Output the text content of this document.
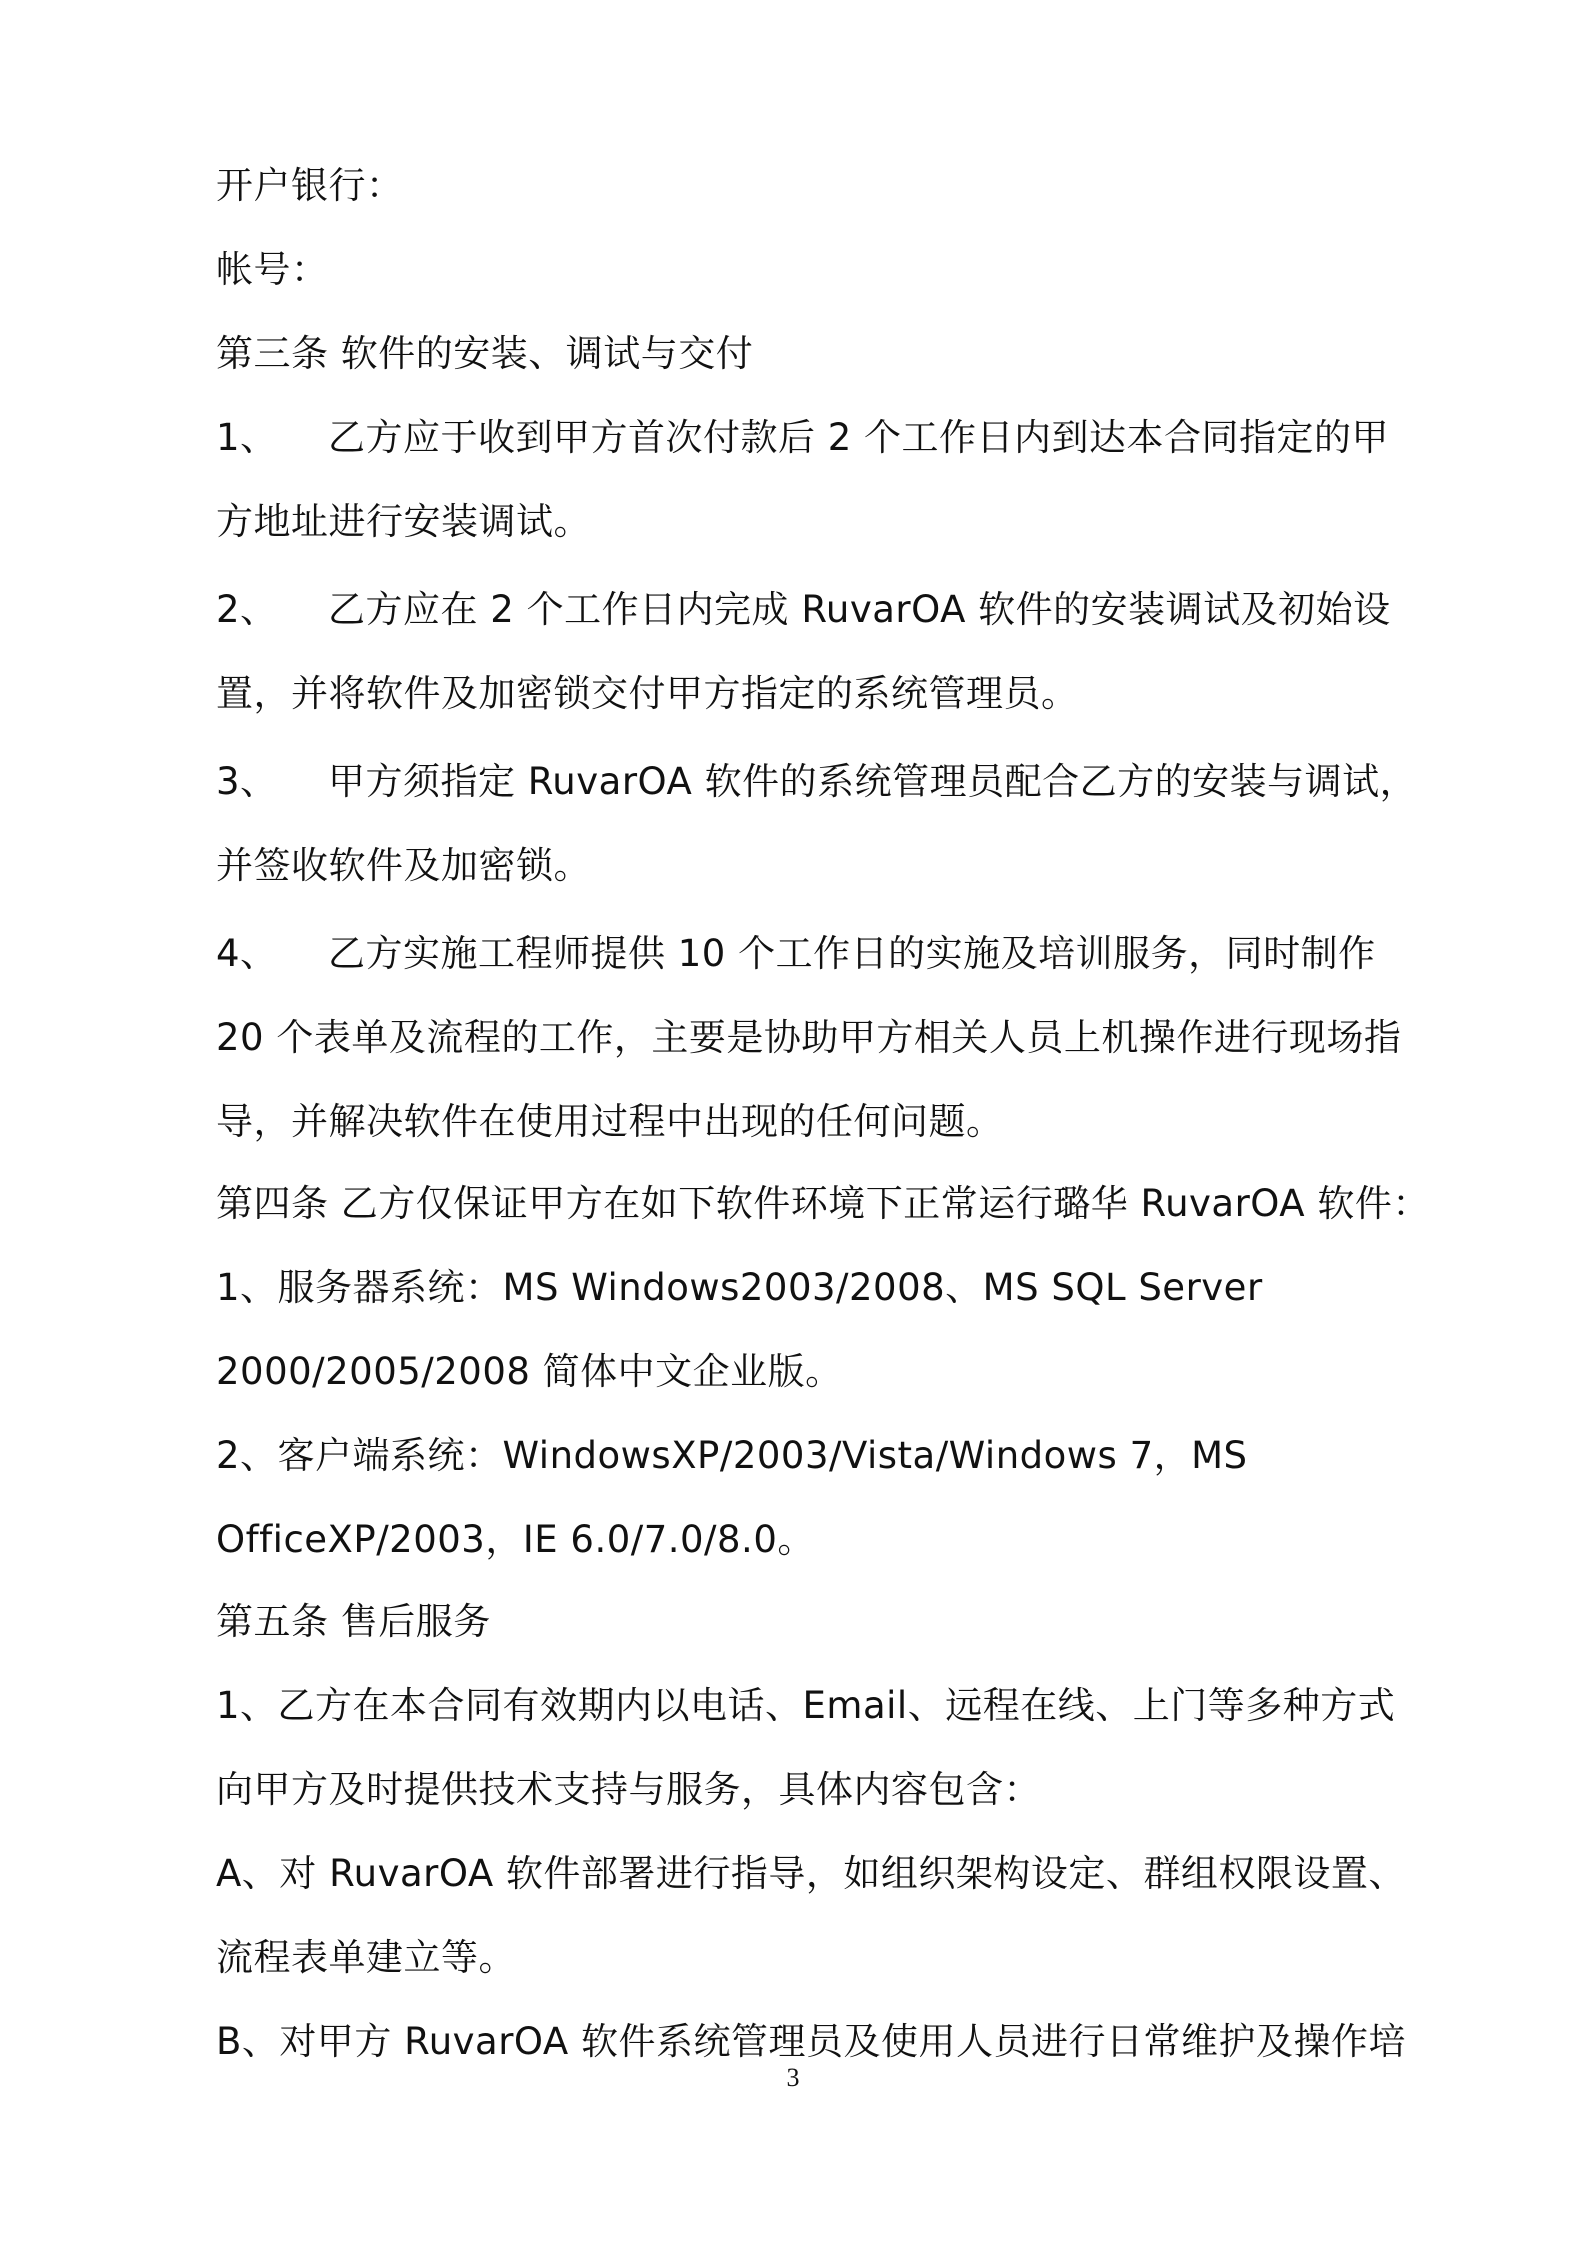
开户银行：
帐号：
第三条 软件的安装、调试与交付
1、 乙方应于收到甲方首次付款后 2 个工作日内到达本合同指定的甲
方地址进行安装调试。
2、 乙方应在 2 个工作日内完成 RuvarOA 软件的安装调试及初始设
置，并将软件及加密锁交付甲方指定的系统管理员。
3、 甲方须指定 RuvarOA 软件的系统管理员配合乙方的安装与调试，
并签收软件及加密锁。
4、 乙方实施工程师提供 10 个工作日的实施及培训服务，同时制作
20 个表单及流程的工作，主要是协助甲方相关人员上机操作进行现场指
导，并解决软件在使用过程中出现的任何问题。
第四条 乙方仅保证甲方在如下软件环境下正常运行璐华 RuvarOA 软件：
1、服务器系统：MS Windows2003/2008、MS SQL Server
2000/2005/2008 简体中文企业版。
2、客户端系统：WindowsXP/2003/Vista/Windows 7，MS
OfficeXP/2003，IE 6.0/7.0/8.0。
第五条 售后服务
1、乙方在本合同有效期内以电话、Email、远程在线、上门等多种方式
向甲方及时提供技术支持与服务，具体内容包含：
A、对 RuvarOA 软件部署进行指导，如组织架构设定、群组权限设置、
流程表单建立等。
B、对甲方 RuvarOA 软件系统管理员及使用人员进行日常维护及操作培
3
